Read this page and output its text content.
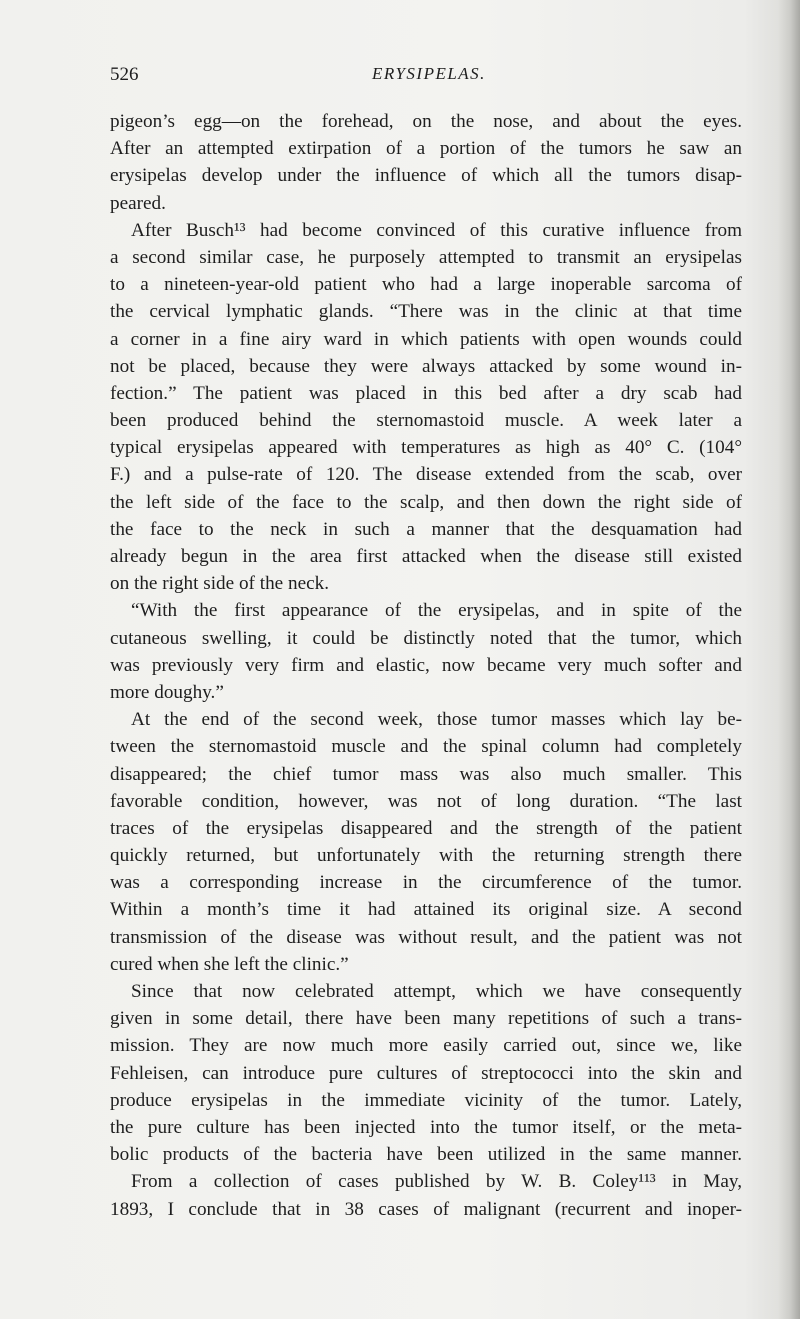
526	ERYSIPELAS.
pigeon’s egg—on the forehead, on the nose, and about the eyes.
After an attempted extirpation of a portion of the tumors he saw an
erysipelas develop under the influence of which all the tumors disap-
peared.
After Busch¹³ had become convinced of this curative influence from
a second similar case, he purposely attempted to transmit an erysipelas
to a nineteen-year-old patient who had a large inoperable sarcoma of
the cervical lymphatic glands. “There was in the clinic at that time
a corner in a fine airy ward in which patients with open wounds could
not be placed, because they were always attacked by some wound in-
fection.” The patient was placed in this bed after a dry scab had
been produced behind the sternomastoid muscle. A week later a
typical erysipelas appeared with temperatures as high as 40° C. (104°
F.) and a pulse-rate of 120. The disease extended from the scab, over
the left side of the face to the scalp, and then down the right side of
the face to the neck in such a manner that the desquamation had
already begun in the area first attacked when the disease still existed
on the right side of the neck.
“With the first appearance of the erysipelas, and in spite of the
cutaneous swelling, it could be distinctly noted that the tumor, which
was previously very firm and elastic, now became very much softer and
more doughy.”
At the end of the second week, those tumor masses which lay be-
tween the sternomastoid muscle and the spinal column had completely
disappeared; the chief tumor mass was also much smaller. This
favorable condition, however, was not of long duration. “The last
traces of the erysipelas disappeared and the strength of the patient
quickly returned, but unfortunately with the returning strength there
was a corresponding increase in the circumference of the tumor.
Within a month’s time it had attained its original size. A second
transmission of the disease was without result, and the patient was not
cured when she left the clinic.”
Since that now celebrated attempt, which we have consequently
given in some detail, there have been many repetitions of such a trans-
mission. They are now much more easily carried out, since we, like
Fehleisen, can introduce pure cultures of streptococci into the skin and
produce erysipelas in the immediate vicinity of the tumor. Lately,
the pure culture has been injected into the tumor itself, or the meta-
bolic products of the bacteria have been utilized in the same manner.
From a collection of cases published by W. B. Coley¹¹³ in May,
1893, I conclude that in 38 cases of malignant (recurrent and inoper-
